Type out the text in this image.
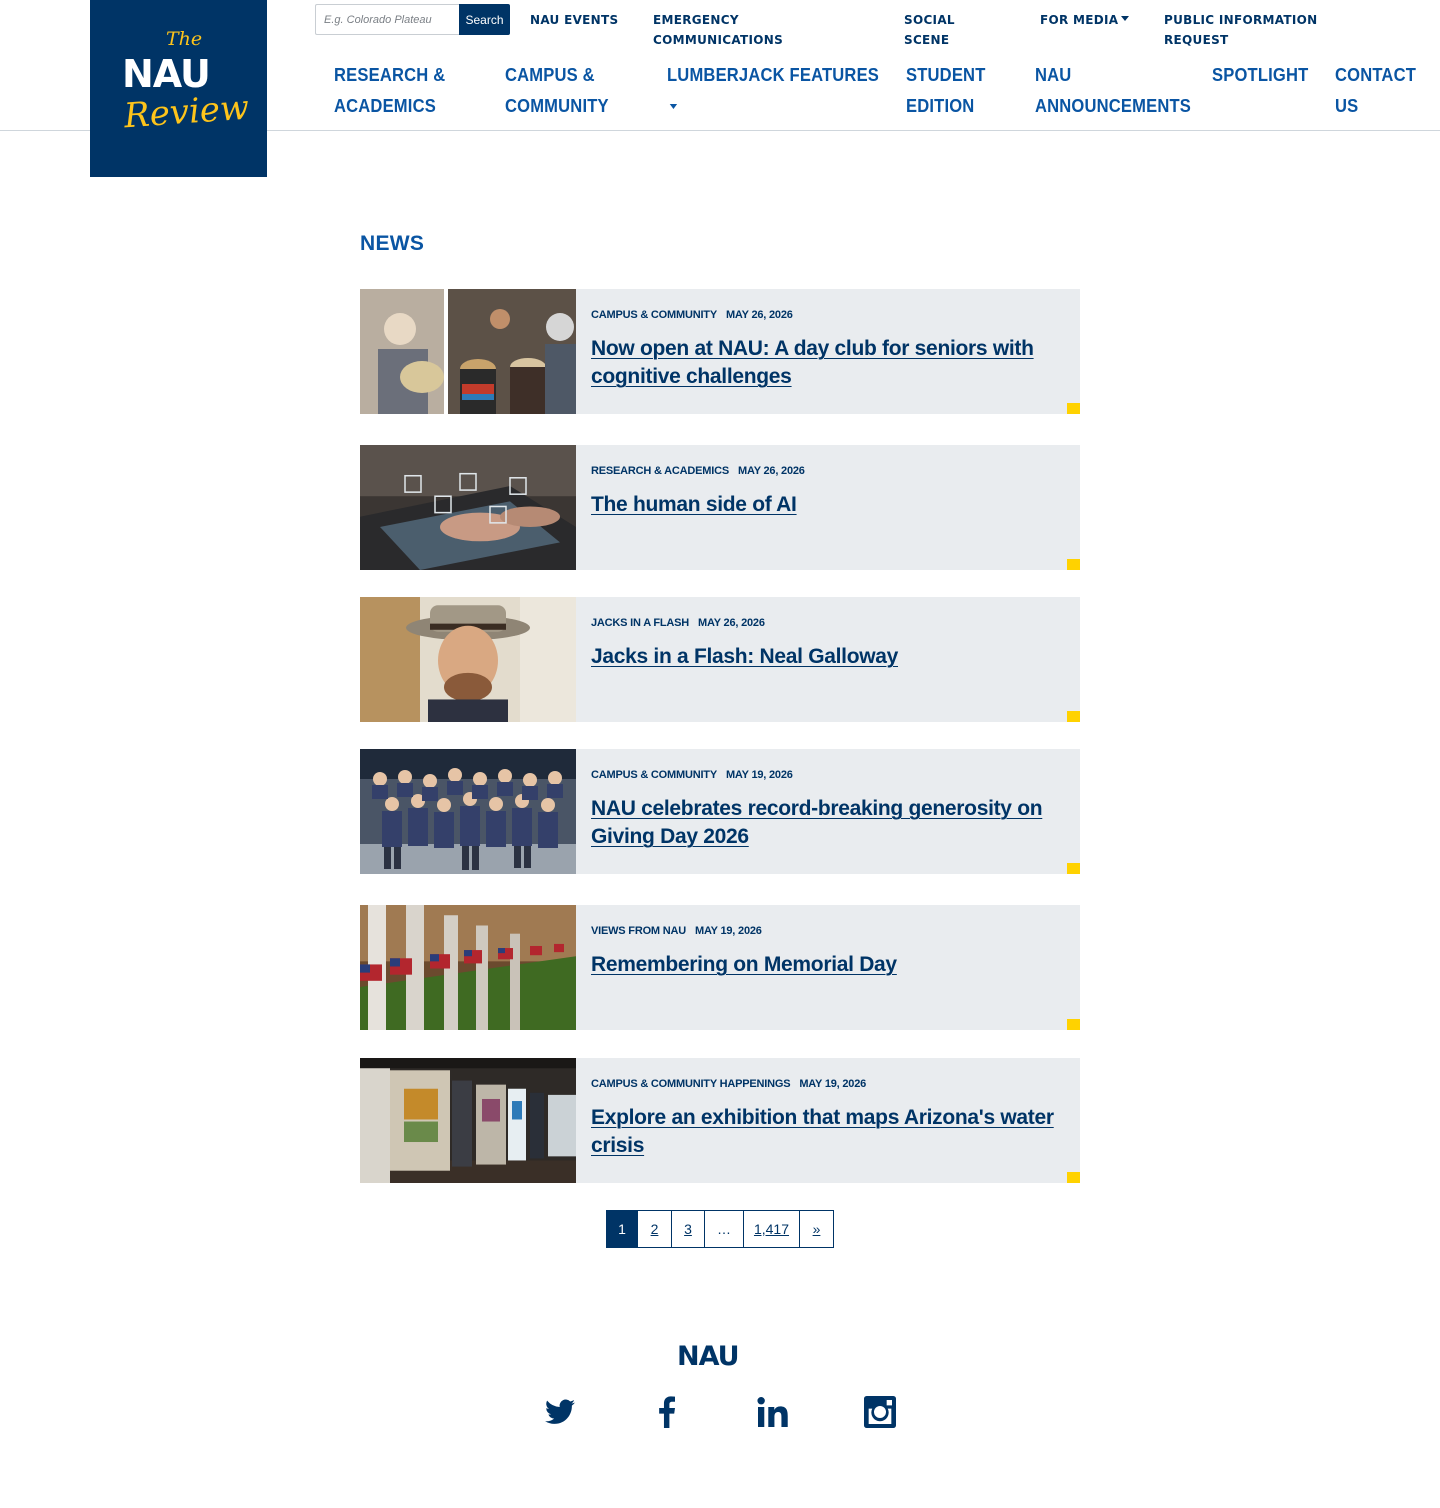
The
NAU
Review
E.g. Colorado Plateau
Search	NAU EVENTS	EMERGENCY COMMUNICATIONS
SOCIAL SCENE
FOR MEDIA	PUBLIC INFORMATION REQUEST
RESEARCH & ACADEMICS
CAMPUS & COMMUNITY
LUMBERJACK FEATURES	STUDENT EDITION
NAU ANNOUNCEMENTS
SPOTLIGHT	CONTACT US
NEWS
CAMPUS & COMMUNITY MAY 26, 2026
Now open at NAU: A day club for seniors with cognitive challenges
RESEARCH & ACADEMICS MAY 26, 2026
The human side of AI
JACKS IN A FLASH MAY 26, 2026
Jacks in a Flash: Neal Galloway
CAMPUS & COMMUNITY MAY 19, 2026
NAU celebrates record-breaking generosity on Giving Day 2026
VIEWS FROM NAU MAY 19, 2026
Remembering on Memorial Day
CAMPUS & COMMUNITY HAPPENINGS MAY 19, 2026
Explore an exhibition that maps Arizona's water crisis
1	2	3	…	1,417	»
NAU
